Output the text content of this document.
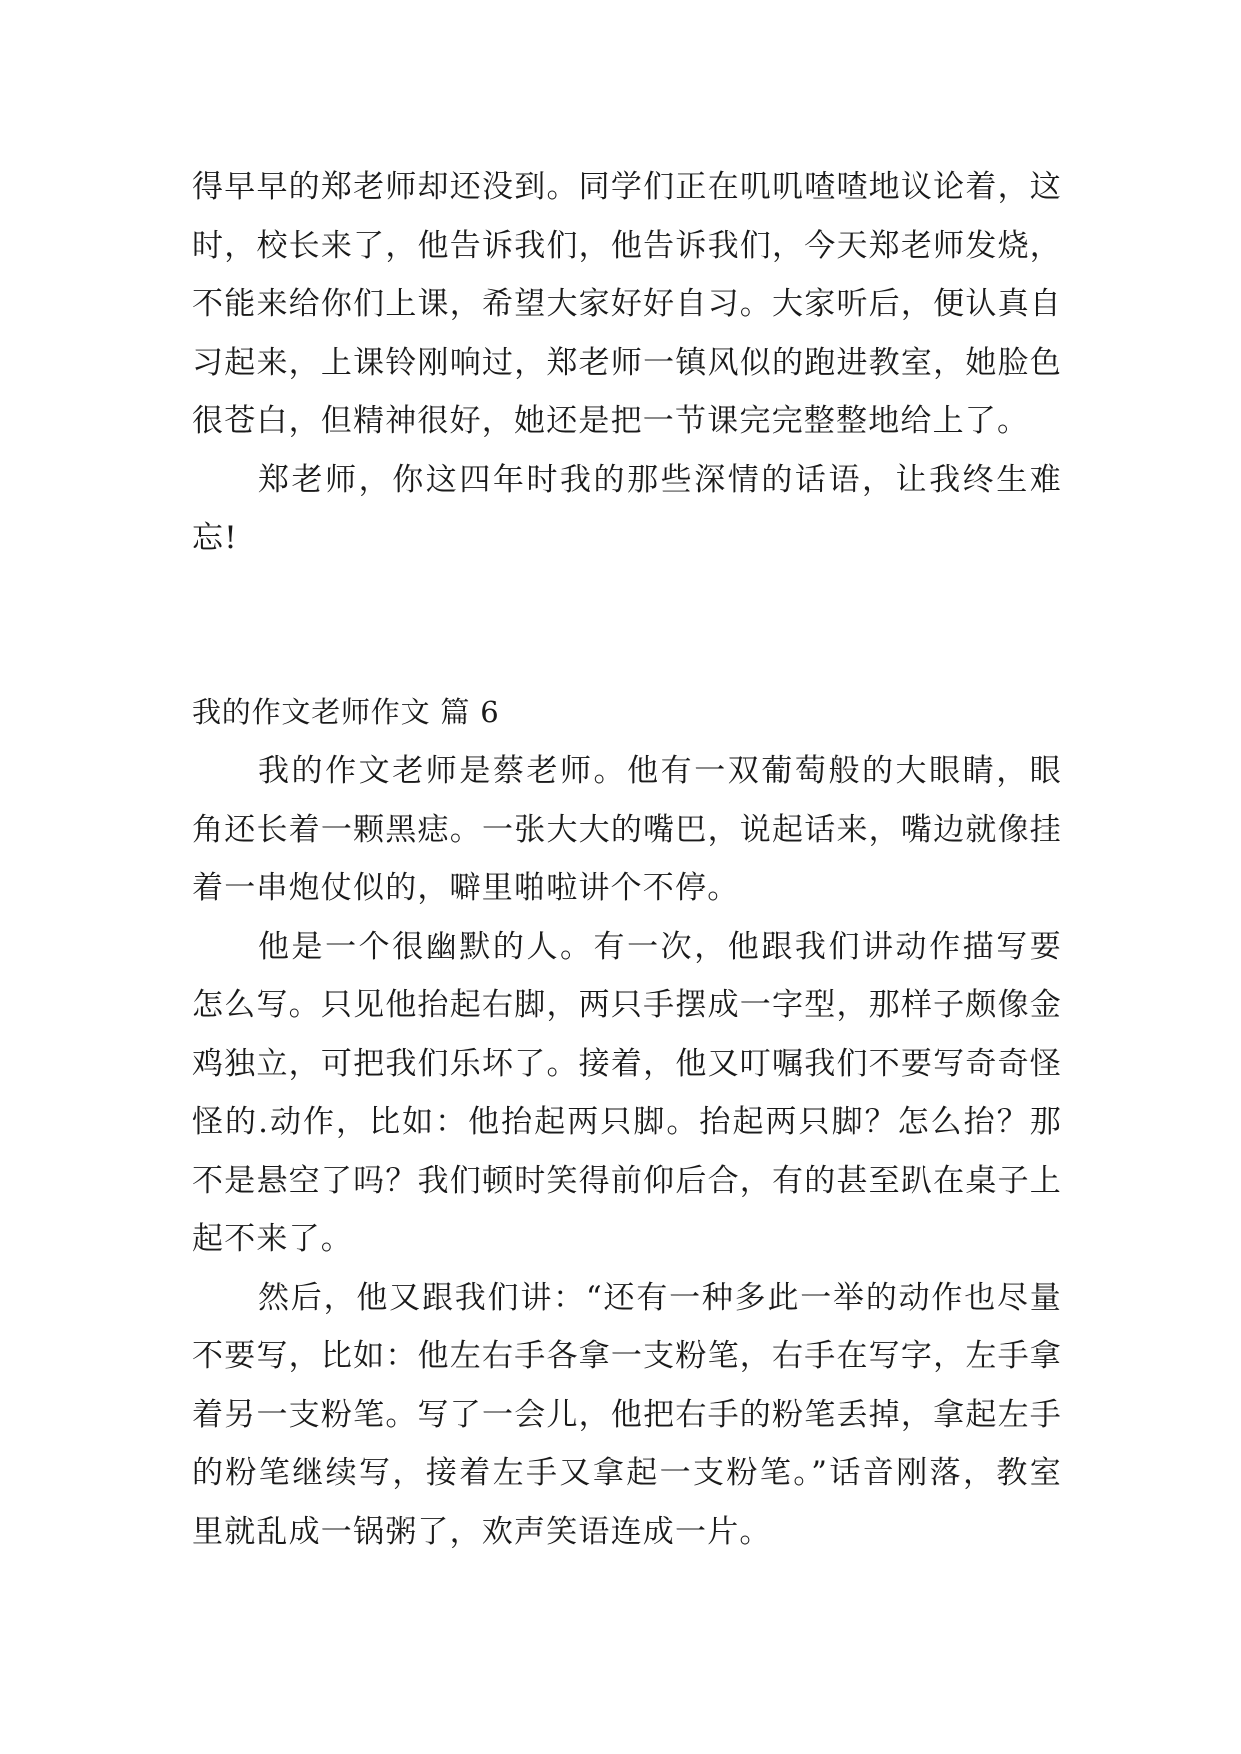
得早早的郑老师却还没到。同学们正在叽叽喳喳地议论着，这时，校长来了，他告诉我们，他告诉我们，今天郑老师发烧，不能来给你们上课，希望大家好好自习。大家听后，便认真自习起来，上课铃刚响过，郑老师一镇风似的跑进教室，她脸色很苍白，但精神很好，她还是把一节课完完整整地给上了。

郑老师，你这四年时我的那些深情的话语，让我终生难忘!

我的作文老师作文 篇 6

我的作文老师是蔡老师。他有一双葡萄般的大眼睛，眼角还长着一颗黑痣。一张大大的嘴巴，说起话来，嘴边就像挂着一串炮仗似的，噼里啪啦讲个不停。

他是一个很幽默的人。有一次，他跟我们讲动作描写要怎么写。只见他抬起右脚，两只手摆成一字型，那样子颇像金鸡独立，可把我们乐坏了。接着，他又叮嘱我们不要写奇奇怪怪的.动作，比如：他抬起两只脚。抬起两只脚？怎么抬？那不是悬空了吗？我们顿时笑得前仰后合，有的甚至趴在桌子上起不来了。

然后，他又跟我们讲：“还有一种多此一举的动作也尽量不要写，比如：他左右手各拿一支粉笔，右手在写字，左手拿着另一支粉笔。写了一会儿，他把右手的粉笔丢掉，拿起左手的粉笔继续写，接着左手又拿起一支粉笔。”话音刚落，教室里就乱成一锅粥了，欢声笑语连成一片。
